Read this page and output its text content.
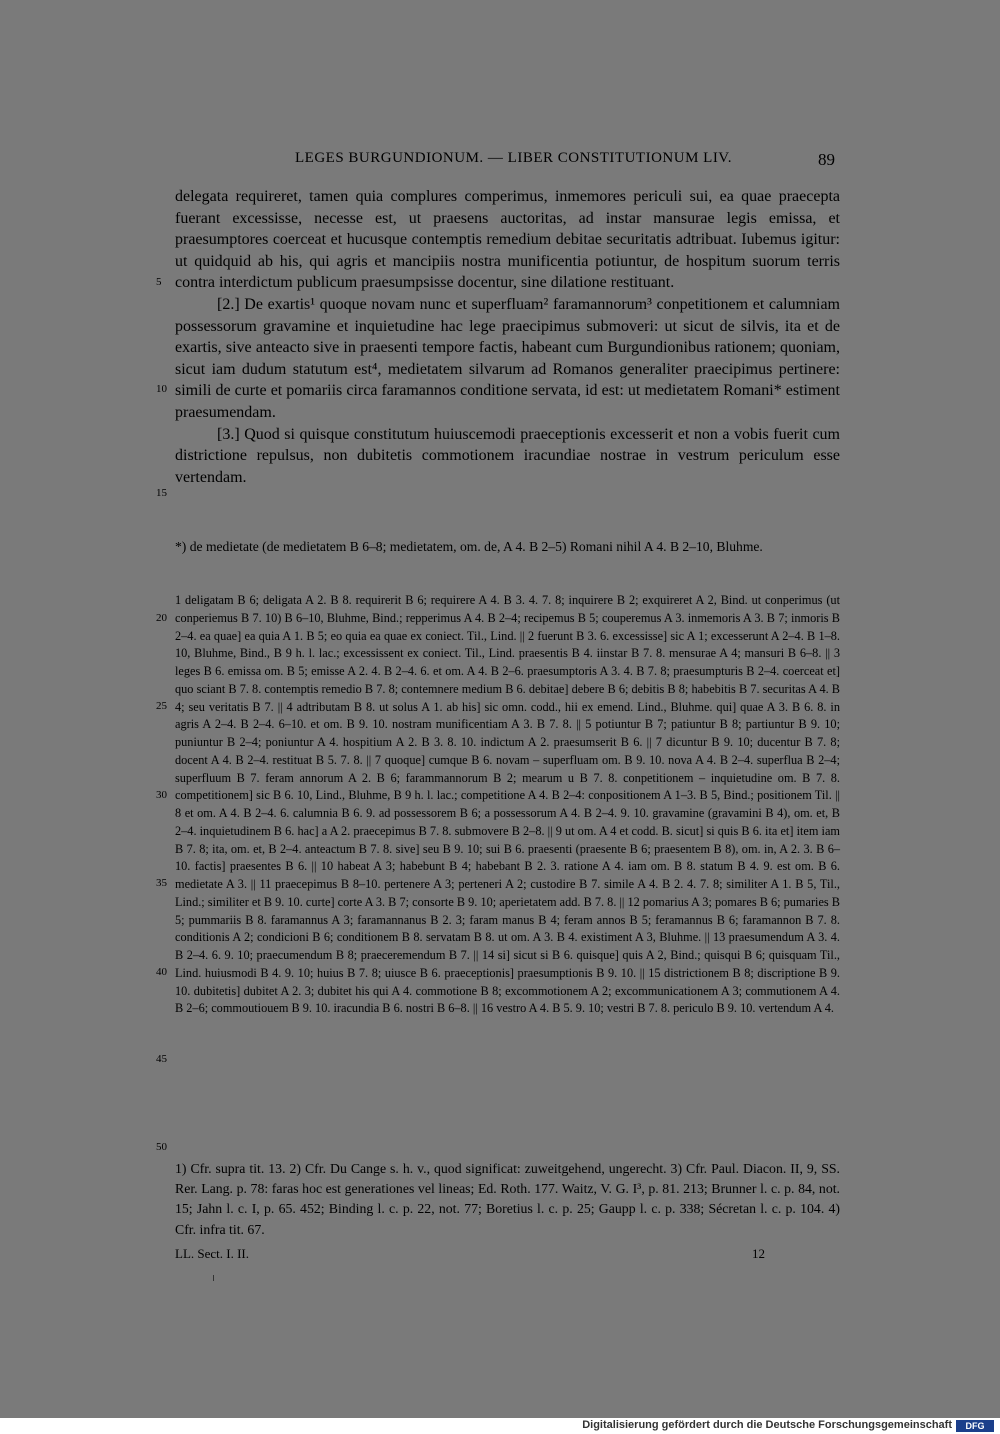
LEGES BURGUNDIONUM. — LIBER CONSTITUTIONUM LIV.	89

delegata requireret, tamen quia complures comperimus, inmemores periculi sui, ea quae praecepta fuerant excessisse, necesse est, ut praesens auctoritas, ad instar mansurae legis emissa, et praesumptores coerceat et hucusque contemptis remedium debitae securitatis adtribuat. Iubemus igitur: ut quidquid ab his, qui agris et mancipiis nostra munificentia potiuntur, de hospitum suorum terris contra interdictum publicum praesumpsisse docentur, sine dilatione restituant.

[2.] De exartis¹ quoque novam nunc et superfluam² faramannorum³ conpetitionem et calumniam possessorum gravamine et inquietudine hac lege praecipimus submoveri: ut sicut de silvis, ita et de exartis, sive anteacto sive in praesenti tempore factis, habeant cum Burgundionibus rationem; quoniam, sicut iam dudum statutum est⁴, medietatem silvarum ad Romanos generaliter praecipimus pertinere: simili de curte et pomariis circa faramannos conditione servata, id est: ut medietatem Romani* estiment praesumendam.

[3.] Quod si quisque constitutum huiuscemodi praeceptionis excesserit et non a vobis fuerit cum districtione repulsus, non dubitetis commotionem iracundiae nostrae in vestrum periculum esse vertendam.

5
10
15
*) de medietate (de medietatem B 6–8; medietatem, om. de, A 4. B 2–5) Romani nihil A 4. B 2–10, Bluhme.
1 deligatam B 6; deligata A 2. B 8. requirerit B 6; requirere A 4. B 3. 4. 7. 8; inquirere B 2; exquireret A 2, Bind. ut conperimus (ut conperiemus B 7. 10) B 6–10, Bluhme, Bind.; repperimus A 4. B 2–4; recipemus B 5; couperemus A 3. inmemoris A 3. B 7; inmoris B 2–4. ea quae] ea quia A 1. B 5; eo quia ea quae ex coniect. Til., Lind. || 2 fuerunt B 3. 6. excessisse] sic A 1; excesserunt A 2–4. B 1–8. 10, Bluhme, Bind., B 9 h. l. lac.; excessissent ex coniect. Til., Lind. praesentis B 4. iinstar B 7. 8. mensurae A 4; mansuri B 6–8. || 3 leges B 6. emissa om. B 5; emisse A 2. 4. B 2–4. 6. et om. A 4. B 2–6. praesumptoris A 3. 4. B 7. 8; praesumpturis B 2–4. coerceat et] quo sciant B 7. 8. contemptis remedio B 7. 8; contemnere medium B 6. debitae] debere B 6; debitis B 8; habebitis B 7. securitas A 4. B 4; seu veritatis B 7. || 4 adtributam B 8. ut solus A 1. ab his] sic omn. codd., hii ex emend. Lind., Bluhme. qui] quae A 3. B 6. 8. in agris A 2–4. B 2–4. 6–10. et om. B 9. 10. nostram munificentiam A 3. B 7. 8. || 5 potiuntur B 7; patiuntur B 8; partiuntur B 9. 10; puniuntur B 2–4; poniuntur A 4. hospitium A 2. B 3. 8. 10. indictum A 2. praesumserit B 6. || 7 dicuntur B 9. 10; ducentur B 7. 8; docent A 4. B 2–4. restituat B 5. 7. 8. || 7 quoque] cumque B 6. novam – superfluam om. B 9. 10. nova A 4. B 2–4. superflua B 2–4; superfluum B 7. feram annorum A 2. B 6; farammannorum B 2; mearum u B 7. 8. conpetitionem – inquietudine om. B 7. 8. competitionem] sic B 6. 10, Lind., Bluhme, B 9 h. l. lac.; competitione A 4. B 2–4: conpositionem A 1–3. B 5, Bind.; positionem Til. || 8 et om. A 4. B 2–4. 6. calumnia B 6. 9. ad possessorem B 6; a possessorum A 4. B 2–4. 9. 10. gravamine (gravamini B 4), om. et, B 2–4. inquietudinem B 6. hac] a A 2. praecepimus B 7. 8. submovere B 2–8. || 9 ut om. A 4 et codd. B. sicut] si quis B 6. ita et] item iam B 7. 8; ita, om. et, B 2–4. anteactum B 7. 8. sive] seu B 9. 10; sui B 6. praesenti (praesente B 6; praesentem B 8), om. in, A 2. 3. B 6–10. factis] praesentes B 6. || 10 habeat A 3; habebunt B 4; habebant B 2. 3. ratione A 4. iam om. B 8. statum B 4. 9. est om. B 6. medietate A 3. || 11 praecepimus B 8–10. pertenere A 3; perteneri A 2; custodire B 7. simile A 4. B 2. 4. 7. 8; similiter A 1. B 5, Til., Lind.; similiter et B 9. 10. curte] corte A 3. B 7; consorte B 9. 10; aperietatem add. B 7. 8. || 12 pomarius A 3; pomares B 6; pumaries B 5; pummariis B 8. faramannus A 3; faramannanus B 2. 3; faram manus B 4; feram annos B 5; feramannus B 6; faramannon B 7. 8. conditionis A 2; condicioni B 6; conditionem B 8. servatam B 8. ut om. A 3. B 4. existiment A 3, Bluhme. || 13 praesumendum A 3. 4. B 2–4. 6. 9. 10; praecumendum B 8; praeceremendum B 7. || 14 si] sicut si B 6. quisque] quis A 2, Bind.; quisqui B 6; quisquam Til., Lind. huiusmodi B 4. 9. 10; huius B 7. 8; uiusce B 6. praeceptionis] praesumptionis B 9. 10. || 15 districtionem B 8; discriptione B 9. 10. dubitetis] dubitet A 2. 3; dubitet his qui A 4. commotione B 8; excommotionem A 2; excommunicationem A 3; commutionem A 4. B 2–6; commoutiouem B 9. 10. iracundia B 6. nostri B 6–8. || 16 vestro A 4. B 5. 9. 10; vestri B 7. 8. periculo B 9. 10. vertendum A 4.
20
25
30
35
40
45
50
1) Cfr. supra tit. 13. 2) Cfr. Du Cange s. h. v., quod significat: zuweitgehend, ungerecht. 3) Cfr. Paul. Diacon. II, 9, SS. Rer. Lang. p. 78: faras hoc est generationes vel lineas; Ed. Roth. 177. Waitz, V. G. I³, p. 81. 213; Brunner l. c. p. 84, not. 15; Jahn l. c. I, p. 65. 452; Binding l. c. p. 22, not. 77; Boretius l. c. p. 25; Gaupp l. c. p. 338; Sécretan l. c. p. 104. 4) Cfr. infra tit. 67.
LL. Sect. I. II.	12
Digitalisierung gefördert durch die Deutsche Forschungsgemeinschaft	DFG
